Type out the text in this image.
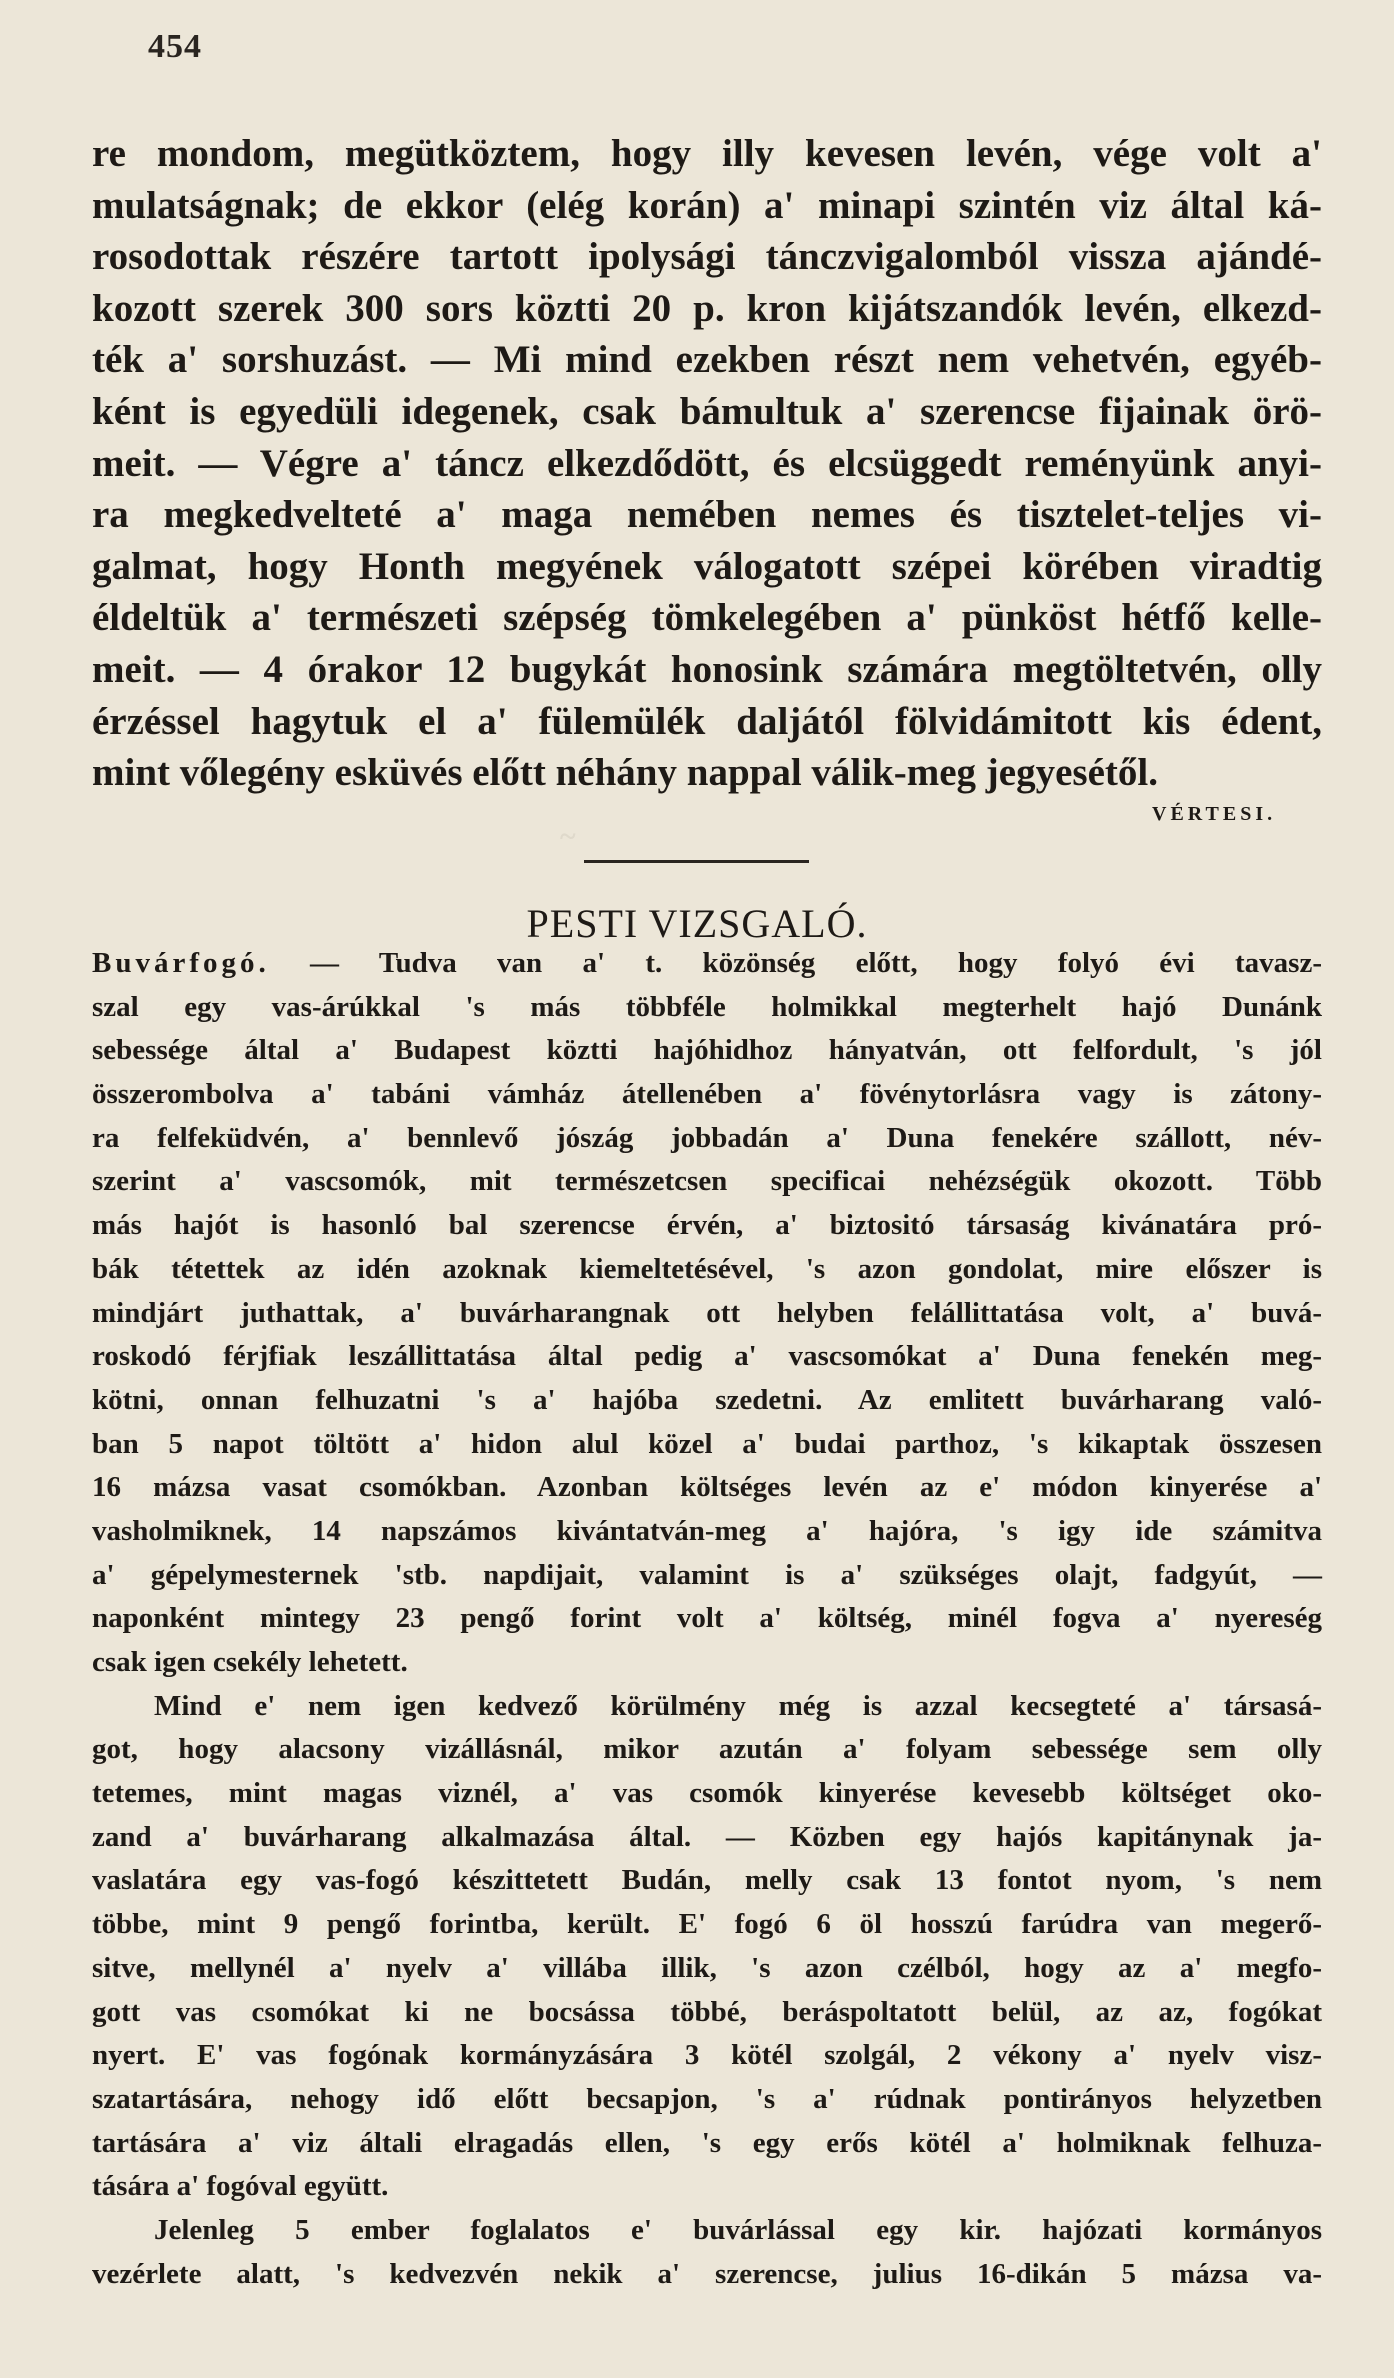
454
~
re mondom, megütköztem, hogy illy kevesen levén, vége volt a'
mulatságnak; de ekkor (elég korán) a' minapi szintén viz által ká-
rosodottak részére tartott ipolysági tánczvigalomból vissza ajándé-
kozott szerek 300 sors köztti 20 p. kron kijátszandók levén, elkezd-
ték a' sorshuzást. — Mi mind ezekben részt nem vehetvén, egyéb-
ként is egyedüli idegenek, csak bámultuk a' szerencse fijainak örö-
meit. — Végre a' táncz elkezdődött, és elcsüggedt reményünk anyi-
ra megkedvelteté a' maga nemében nemes és tisztelet-teljes vi-
galmat, hogy Honth megyének válogatott szépei körében viradtig
éldeltük a' természeti szépség tömkelegében a' pünköst hétfő kelle-
meit. — 4 órakor 12 bugykát honosink számára megtöltetvén, olly
érzéssel hagytuk el a' fülemülék daljától fölvidámitott kis édent,
mint vőlegény esküvés előtt néhány nappal válik-meg jegyesétől.
VÉRTESI.
PESTI VIZSGALÓ.
Buvárfogó. — Tudva van a' t. közönség előtt, hogy folyó évi tavasz-
szal egy vas-árúkkal 's más többféle holmikkal megterhelt hajó Dunánk
sebessége által a' Budapest köztti hajóhidhoz hányatván, ott felfordult, 's jól
összerombolva a' tabáni vámház átellenében a' fövénytorlásra vagy is zátony-
ra felfeküdvén, a' bennlevő jószág jobbadán a' Duna fenekére szállott, név-
szerint a' vascsomók, mit természetcsen specificai nehézségük okozott. Több
más hajót is hasonló bal szerencse érvén, a' biztositó társaság kivánatára pró-
bák tétettek az idén azoknak kiemeltetésével, 's azon gondolat, mire előszer is
mindjárt juthattak, a' buvárharangnak ott helyben felállittatása volt, a' buvá-
roskodó férjfiak leszállittatása által pedig a' vascsomókat a' Duna fenekén meg-
kötni, onnan felhuzatni 's a' hajóba szedetni. Az emlitett buvárharang való-
ban 5 napot töltött a' hidon alul közel a' budai parthoz, 's kikaptak összesen
16 mázsa vasat csomókban. Azonban költséges levén az e' módon kinyerése a'
vasholmiknek, 14 napszámos kivántatván-meg a' hajóra, 's igy ide számitva
a' gépelymesternek 'stb. napdijait, valamint is a' szükséges olajt, fadgyút, —
naponként mintegy 23 pengő forint volt a' költség, minél fogva a' nyereség
csak igen csekély lehetett.
Mind e' nem igen kedvező körülmény még is azzal kecsegteté a' társasá-
got, hogy alacsony vizállásnál, mikor azután a' folyam sebessége sem olly
tetemes, mint magas viznél, a' vas csomók kinyerése kevesebb költséget oko-
zand a' buvárharang alkalmazása által. — Közben egy hajós kapitánynak ja-
vaslatára egy vas-fogó készittetett Budán, melly csak 13 fontot nyom, 's nem
többe, mint 9 pengő forintba, került. E' fogó 6 öl hosszú farúdra van megerő-
sitve, mellynél a' nyelv a' villába illik, 's azon czélból, hogy az a' megfo-
gott vas csomókat ki ne bocsássa többé, beráspoltatott belül, az az, fogókat
nyert. E' vas fogónak kormányzására 3 kötél szolgál, 2 vékony a' nyelv visz-
szatartására, nehogy idő előtt becsapjon, 's a' rúdnak pontirányos helyzetben
tartására a' viz általi elragadás ellen, 's egy erős kötél a' holmiknak felhuza-
tására a' fogóval együtt.
Jelenleg 5 ember foglalatos e' buvárlással egy kir. hajózati kormányos
vezérlete alatt, 's kedvezvén nekik a' szerencse, julius 16-dikán 5 mázsa va-
